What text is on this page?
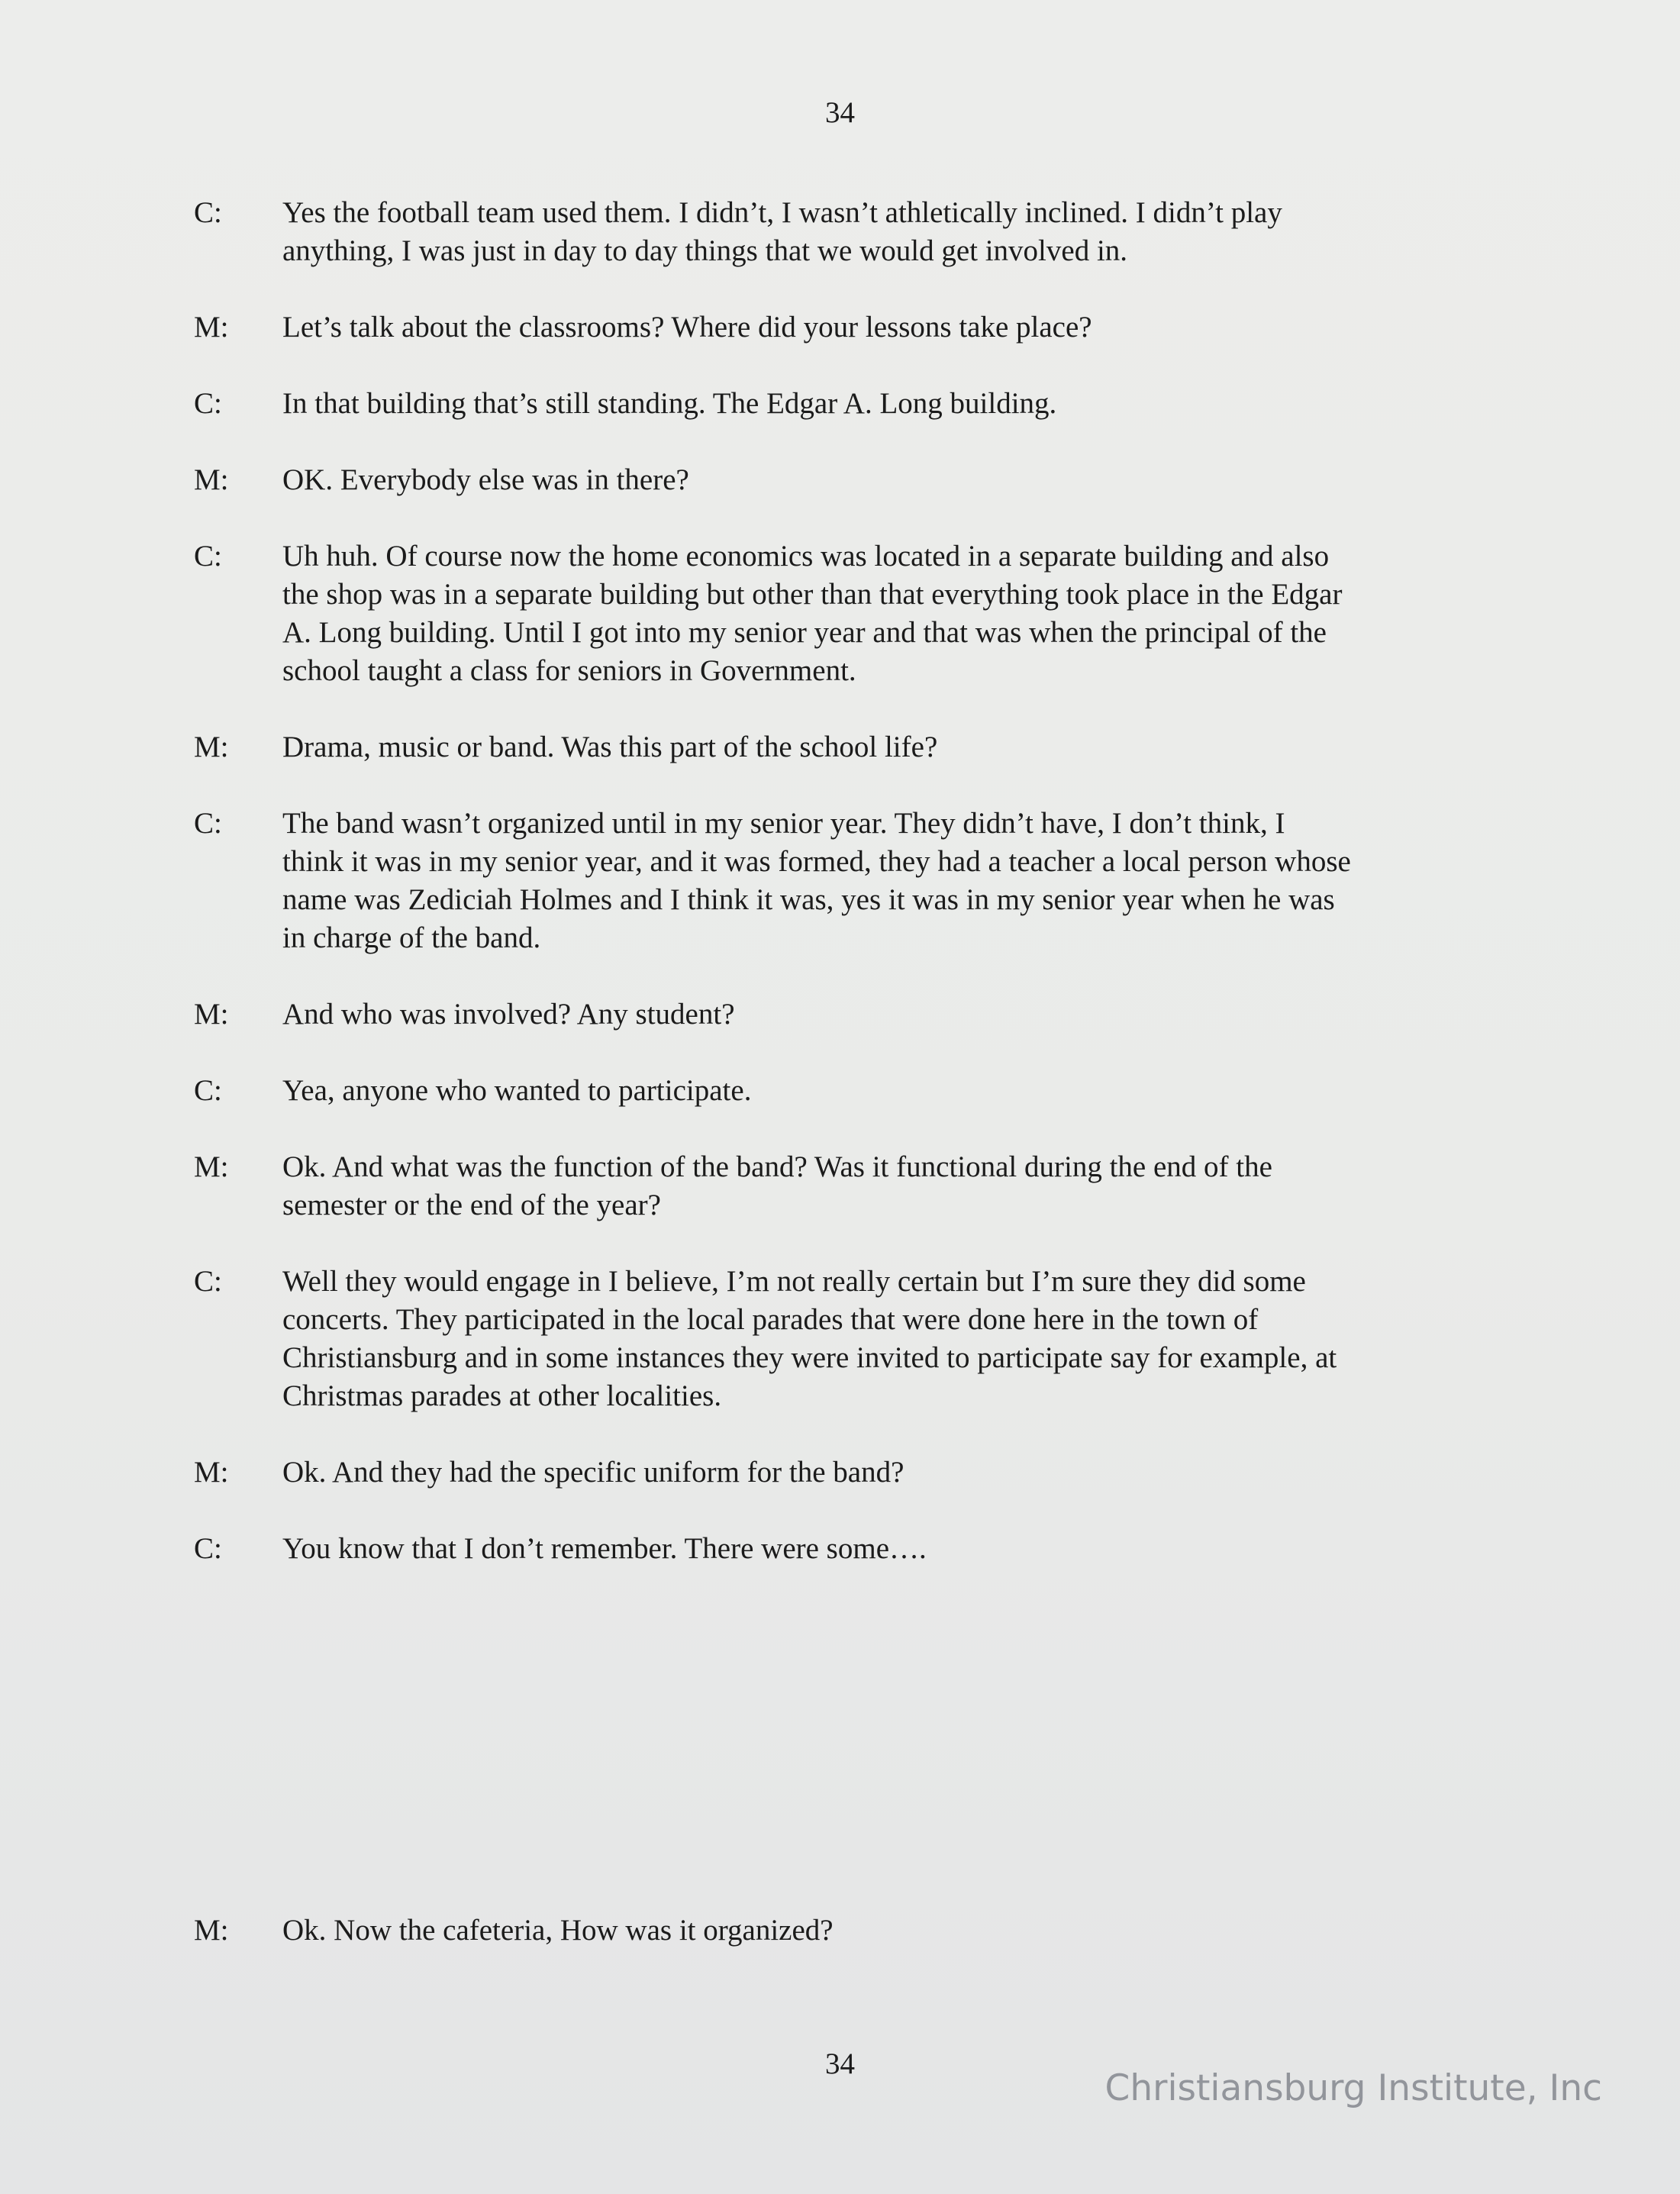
34
C:	Yes the football team used them. I didn’t, I wasn’t athletically inclined. I didn’t play
anything, I was just in day to day things that we would get involved in.
M:	Let’s talk about the classrooms? Where did your lessons take place?
C:	In that building that’s still standing. The Edgar A. Long building.
M:	OK. Everybody else was in there?
C:	Uh huh. Of course now the home economics was located in a separate building and also
the shop was in a separate building but other than that everything took place in the Edgar
A. Long building. Until I got into my senior year and that was when the principal of the
school taught a class for seniors in Government.
M:	Drama, music or band. Was this part of the school life?
C:	The band wasn’t organized until in my senior year. They didn’t have, I don’t think, I
think it was in my senior year, and it was formed, they had a teacher a local person whose
name was Zediciah Holmes and I think it was, yes it was in my senior year when he was
in charge of the band.
M:	And who was involved? Any student?
C:	Yea, anyone who wanted to participate.
M:	Ok. And what was the function of the band? Was it functional during the end of the
semester or the end of the year?
C:	Well they would engage in I believe, I’m not really certain but I’m sure they did some
concerts. They participated in the local parades that were done here in the town of
Christiansburg and in some instances they were invited to participate say for example, at
Christmas parades at other localities.
M:	Ok. And they had the specific uniform for the band?
C:	You know that I don’t remember. There were some….
M:	Ok. Now the cafeteria, How was it organized?
34
Christiansburg Institute, Inc
